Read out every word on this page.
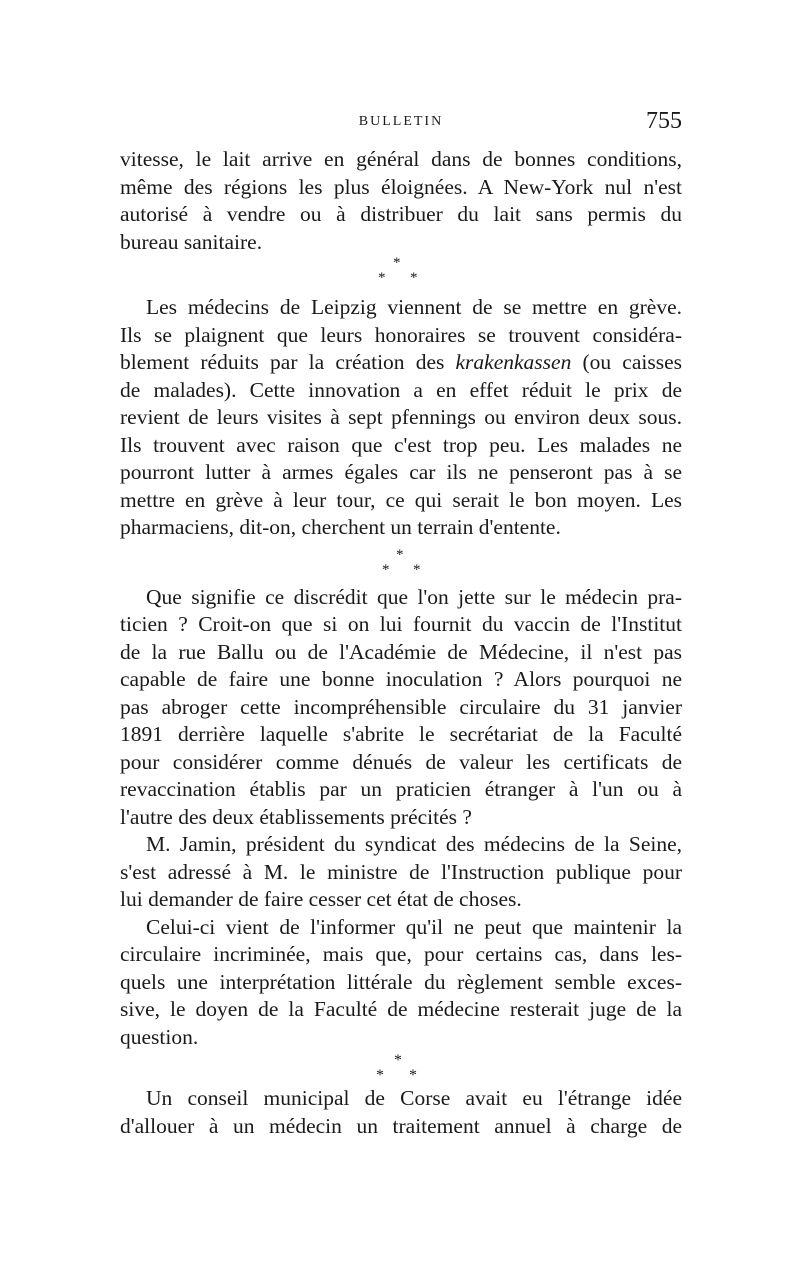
BULLETIN	755
vitesse, le lait arrive en général dans de bonnes conditions,
même des régions les plus éloignées. A New-York nul n'est
autorisé à vendre ou à distribuer du lait sans permis du
bureau sanitaire.
*
* *
Les médecins de Leipzig viennent de se mettre en grève.
Ils se plaignent que leurs honoraires se trouvent considéra-
blement réduits par la création des krakenkassen (ou caisses
de malades). Cette innovation a en effet réduit le prix de
revient de leurs visites à sept pfennings ou environ deux sous.
Ils trouvent avec raison que c'est trop peu. Les malades ne
pourront lutter à armes égales car ils ne penseront pas à se
mettre en grève à leur tour, ce qui serait le bon moyen. Les
pharmaciens, dit-on, cherchent un terrain d'entente.
*
* *
Que signifie ce discrédit que l'on jette sur le médecin pra-
ticien ? Croit-on que si on lui fournit du vaccin de l'Institut
de la rue Ballu ou de l'Académie de Médecine, il n'est pas
capable de faire une bonne inoculation ? Alors pourquoi ne
pas abroger cette incompréhensible circulaire du 31 janvier
1891 derrière laquelle s'abrite le secrétariat de la Faculté
pour considérer comme dénués de valeur les certificats de
revaccination établis par un praticien étranger à l'un ou à
l'autre des deux établissements précités ?
M. Jamin, président du syndicat des médecins de la Seine,
s'est adressé à M. le ministre de l'Instruction publique pour
lui demander de faire cesser cet état de choses.
Celui-ci vient de l'informer qu'il ne peut que maintenir la
circulaire incriminée, mais que, pour certains cas, dans les-
quels une interprétation littérale du règlement semble exces-
sive, le doyen de la Faculté de médecine resterait juge de la
question.
*
* *
Un conseil municipal de Corse avait eu l'étrange idée
d'allouer à un médecin un traitement annuel à charge de
